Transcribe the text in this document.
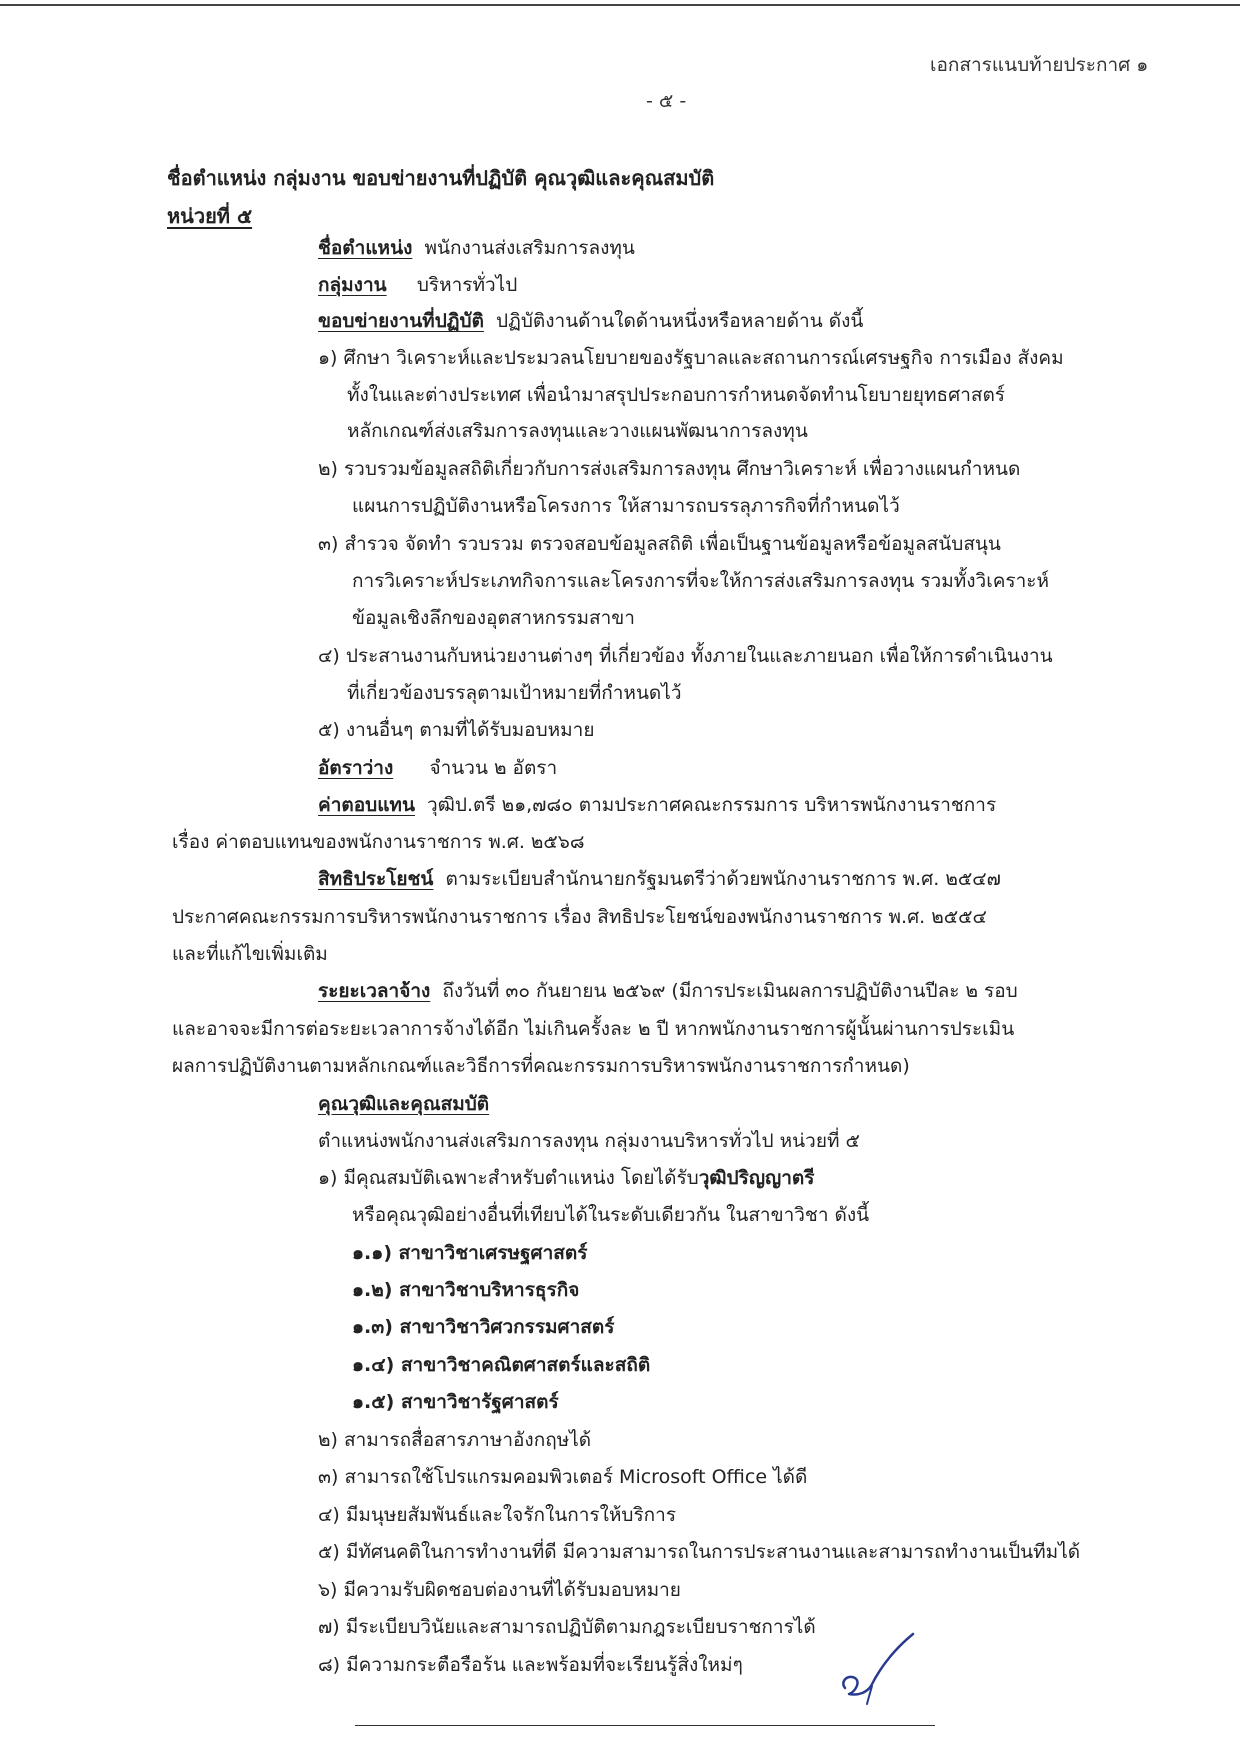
เอกสารแนบท้ายประกาศ ๑
- ๕ -
ชื่อตำแหน่ง กลุ่มงาน ขอบข่ายงานที่ปฏิบัติ คุณวุฒิและคุณสมบัติ
หน่วยที่ ๕
ชื่อตำแหน่ง พนักงานส่งเสริมการลงทุน
กลุ่มงาน บริหารทั่วไป
ขอบข่ายงานที่ปฏิบัติ ปฏิบัติงานด้านใดด้านหนึ่งหรือหลายด้าน ดังนี้
๑) ศึกษา วิเคราะห์และประมวลนโยบายของรัฐบาลและสถานการณ์เศรษฐกิจ การเมือง สังคม
ทั้งในและต่างประเทศ เพื่อนำมาสรุปประกอบการกำหนดจัดทำนโยบายยุทธศาสตร์
หลักเกณฑ์ส่งเสริมการลงทุนและวางแผนพัฒนาการลงทุน
๒) รวบรวมข้อมูลสถิติเกี่ยวกับการส่งเสริมการลงทุน ศึกษาวิเคราะห์ เพื่อวางแผนกำหนด
แผนการปฏิบัติงานหรือโครงการ ให้สามารถบรรลุภารกิจที่กำหนดไว้
๓) สำรวจ จัดทำ รวบรวม ตรวจสอบข้อมูลสถิติ เพื่อเป็นฐานข้อมูลหรือข้อมูลสนับสนุน
การวิเคราะห์ประเภทกิจการและโครงการที่จะให้การส่งเสริมการลงทุน รวมทั้งวิเคราะห์
ข้อมูลเชิงลึกของอุตสาหกรรมสาขา
๔) ประสานงานกับหน่วยงานต่างๆ ที่เกี่ยวข้อง ทั้งภายในและภายนอก เพื่อให้การดำเนินงาน
ที่เกี่ยวข้องบรรลุตามเป้าหมายที่กำหนดไว้
๕) งานอื่นๆ ตามที่ได้รับมอบหมาย
อัตราว่าง จำนวน ๒ อัตรา
ค่าตอบแทน วุฒิป.ตรี ๒๑,๗๘๐ ตามประกาศคณะกรรมการ บริหารพนักงานราชการ
เรื่อง ค่าตอบแทนของพนักงานราชการ พ.ศ. ๒๕๖๘
สิทธิประโยชน์ ตามระเบียบสำนักนายกรัฐมนตรีว่าด้วยพนักงานราชการ พ.ศ. ๒๕๔๗
ประกาศคณะกรรมการบริหารพนักงานราชการ เรื่อง สิทธิประโยชน์ของพนักงานราชการ พ.ศ. ๒๕๕๔
และที่แก้ไขเพิ่มเติม
ระยะเวลาจ้าง ถึงวันที่ ๓๐ กันยายน ๒๕๖๙ (มีการประเมินผลการปฏิบัติงานปีละ ๒ รอบ
และอาจจะมีการต่อระยะเวลาการจ้างได้อีก ไม่เกินครั้งละ ๒ ปี หากพนักงานราชการผู้นั้นผ่านการประเมิน
ผลการปฏิบัติงานตามหลักเกณฑ์และวิธีการที่คณะกรรมการบริหารพนักงานราชการกำหนด)
คุณวุฒิและคุณสมบัติ
ตำแหน่งพนักงานส่งเสริมการลงทุน กลุ่มงานบริหารทั่วไป หน่วยที่ ๕
๑) มีคุณสมบัติเฉพาะสำหรับตำแหน่ง โดยได้รับวุฒิปริญญาตรี
หรือคุณวุฒิอย่างอื่นที่เทียบได้ในระดับเดียวกัน ในสาขาวิชา ดังนี้
๑.๑) สาขาวิชาเศรษฐศาสตร์
๑.๒) สาขาวิชาบริหารธุรกิจ
๑.๓) สาขาวิชาวิศวกรรมศาสตร์
๑.๔) สาขาวิชาคณิตศาสตร์และสถิติ
๑.๕) สาขาวิชารัฐศาสตร์
๒) สามารถสื่อสารภาษาอังกฤษได้
๓) สามารถใช้โปรแกรมคอมพิวเตอร์ Microsoft Office ได้ดี
๔) มีมนุษยสัมพันธ์และใจรักในการให้บริการ
๕) มีทัศนคติในการทำงานที่ดี มีความสามารถในการประสานงานและสามารถทำงานเป็นทีมได้
๖) มีความรับผิดชอบต่องานที่ได้รับมอบหมาย
๗) มีระเบียบวินัยและสามารถปฏิบัติตามกฎระเบียบราชการได้
๘) มีความกระตือรือร้น และพร้อมที่จะเรียนรู้สิ่งใหม่ๆ
